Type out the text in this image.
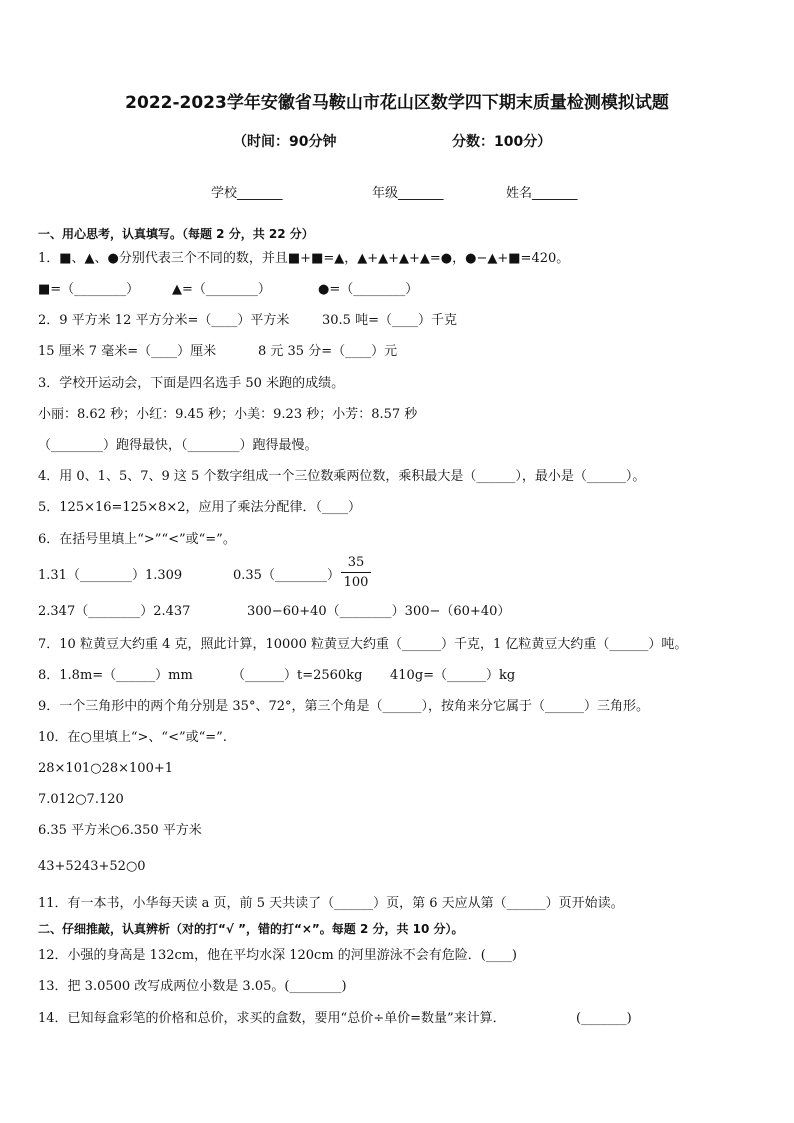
2022-2023学年安徽省马鞍山市花山区数学四下期末质量检测模拟试题
（时间：90分钟	分数：100分）
学校_______	年级_______	姓名_______
一、用心思考，认真填写。（每题 2 分，共 22 分）
1．■、▲、●分别代表三个不同的数，并且■+■=▲，▲+▲+▲+▲=●，●−▲+■=420。
■=（________）	▲=（________）	●=（________）
2．9 平方米 12 平方分米=（____）平方米	30.5 吨=（____）千克
15 厘米 7 毫米=（____）厘米	8 元 35 分=（____）元
3．学校开运动会，下面是四名选手 50 米跑的成绩。
小丽：8.62 秒；小红：9.45 秒；小美：9.23 秒；小芳：8.57 秒
（________）跑得最快，（________）跑得最慢。
4．用 0、1、5、7、9 这 5 个数字组成一个三位数乘两位数，乘积最大是（______），最小是（______）。
5．125×16=125×8×2，应用了乘法分配律．（____）
6．在括号里填上“>”“<”或“=”。
1.31（________）1.309	0.35（________）
35
100
2.347（________）2.437	300−60+40（________）300−（60+40）
7．10 粒黄豆大约重 4 克，照此计算，10000 粒黄豆大约重（______）千克，1 亿粒黄豆大约重（______）吨。
8．1.8m=（______）mm	（______）t=2560kg 410g=（______）kg
9．一个三角形中的两个角分别是 35°、72°，第三个角是（______），按角来分它属于（______）三角形。
10．在○里填上“>、“<”或“=”.
28×101○28×100+1
7.012○7.120
6.35 平方米○6.350 平方米
43+5243+52○0
11．有一本书，小华每天读 a 页，前 5 天共读了（______）页，第 6 天应从第（______）页开始读。
二、仔细推敲，认真辨析（对的打“√ ”，错的打“×”。每题 2 分，共 10 分）。
12．小强的身高是 132cm，他在平均水深 120cm 的河里游泳不会有危险．(____)
13．把 3.0500 改写成两位小数是 3.05。(________)
14．已知每盒彩笔的价格和总价，求买的盒数，要用“总价÷单价=数量”来计算．	(_______)
